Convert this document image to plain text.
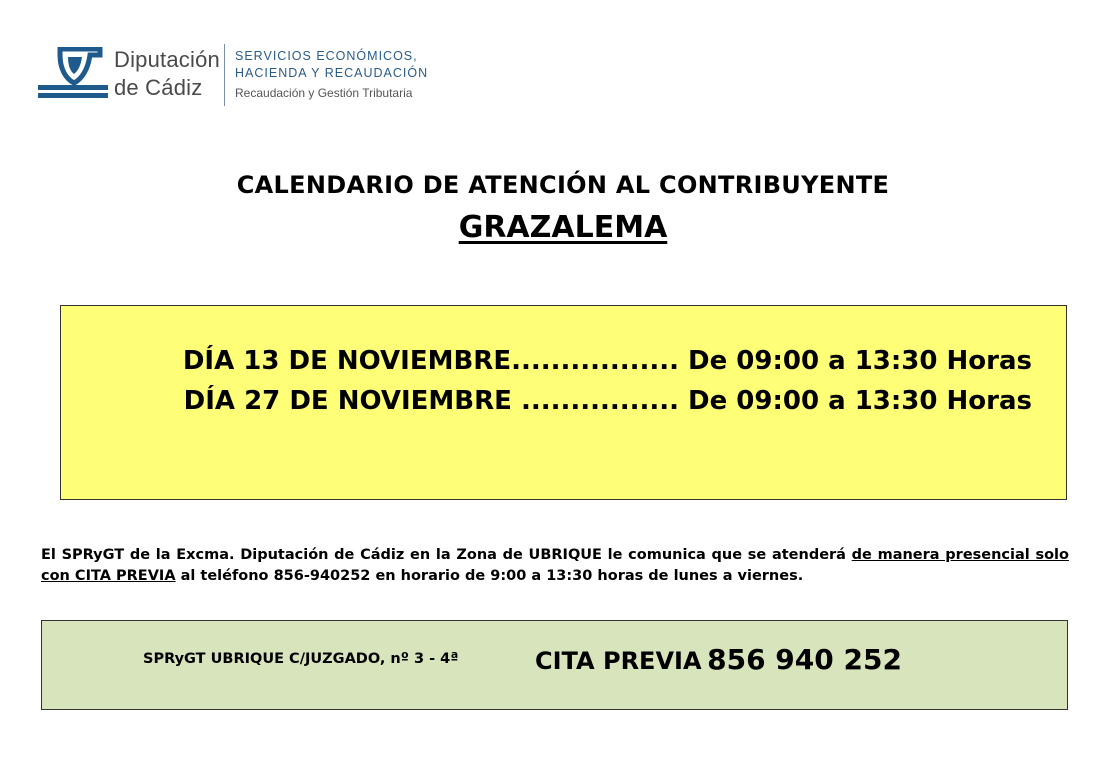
Diputación
de Cádiz
SERVICIOS ECONÓMICOS,
HACIENDA Y RECAUDACIÓN
Recaudación y Gestión Tributaria
CALENDARIO DE ATENCIÓN AL CONTRIBUYENTE
GRAZALEMA
DÍA 13 DE NOVIEMBRE................. De 09:00 a 13:30 Horas
DÍA 27 DE NOVIEMBRE ................ De 09:00 a 13:30 Horas
El SPRyGT de la Excma. Diputación de Cádiz en la Zona de UBRIQUE le comunica que se atenderá de manera presencial solo con CITA PREVIA al teléfono 856-940252 en horario de 9:00 a 13:30 horas de lunes a viernes.
SPRyGT UBRIQUE C/JUZGADO, nº 3 - 4ª	CITA PREVIA 856 940 252
